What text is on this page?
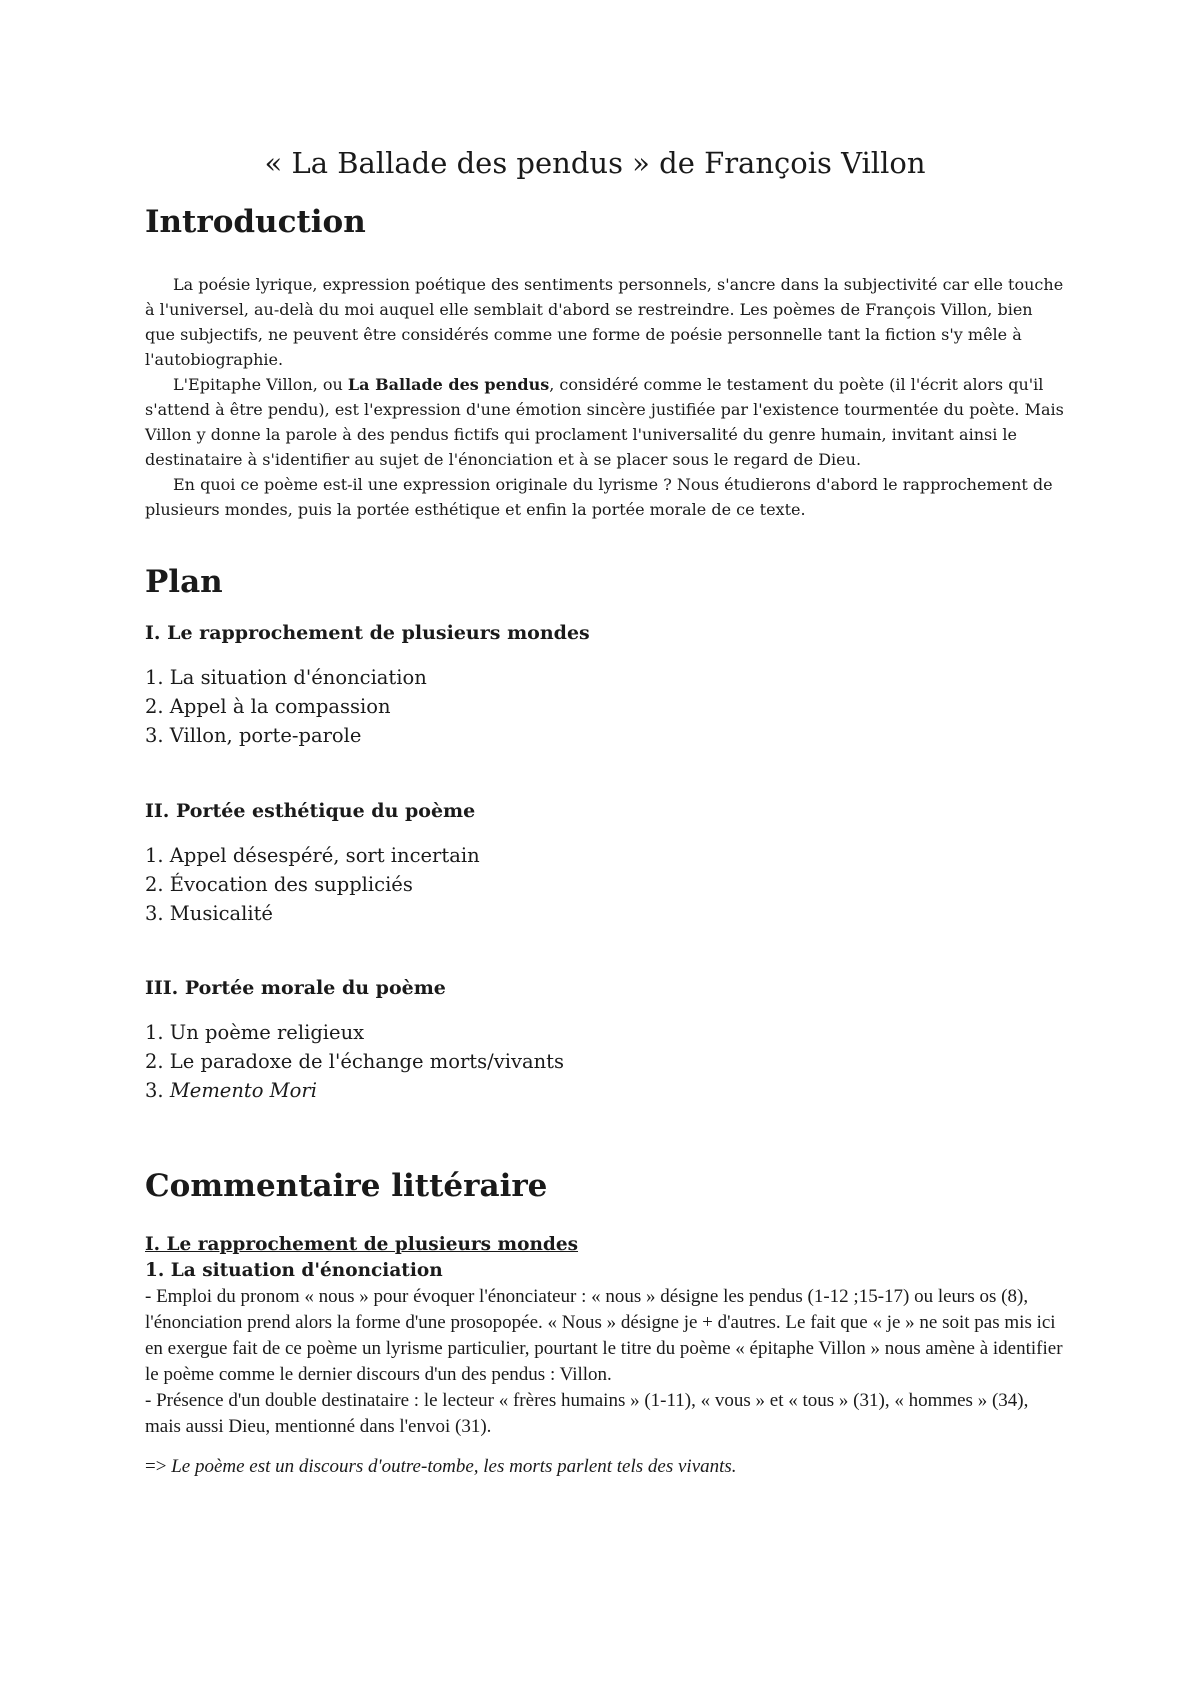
« La Ballade des pendus » de François Villon
Introduction

La poésie lyrique, expression poétique des sentiments personnels, s'ancre dans la subjectivité car elle touche à l'universel, au-delà du moi auquel elle semblait d'abord se restreindre. Les poèmes de François Villon, bien que subjectifs, ne peuvent être considérés comme une forme de poésie personnelle tant la fiction s'y mêle à l'autobiographie.

L'Epitaphe Villon, ou La Ballade des pendus, considéré comme le testament du poète (il l'écrit alors qu'il s'attend à être pendu), est l'expression d'une émotion sincère justifiée par l'existence tourmentée du poète. Mais Villon y donne la parole à des pendus fictifs qui proclament l'universalité du genre humain, invitant ainsi le destinataire à s'identifier au sujet de l'énonciation et à se placer sous le regard de Dieu.

En quoi ce poème est-il une expression originale du lyrisme ? Nous étudierons d'abord le rapprochement de plusieurs mondes, puis la portée esthétique et enfin la portée morale de ce texte.

Plan
I. Le rapprochement de plusieurs mondes
1. La situation d'énonciation
2. Appel à la compassion
3. Villon, porte-parole
II. Portée esthétique du poème
1. Appel désespéré, sort incertain
2. Évocation des suppliciés
3. Musicalité
III. Portée morale du poème
1. Un poème religieux
2. Le paradoxe de l'échange morts/vivants
3. Memento Mori
Commentaire littéraire
I. Le rapprochement de plusieurs mondes
1. La situation d'énonciation

- Emploi du pronom « nous » pour évoquer l'énonciateur : « nous » désigne les pendus (1-12 ;15-17) ou leurs os (8), l'énonciation prend alors la forme d'une prosopopée. « Nous » désigne je + d'autres. Le fait que « je » ne soit pas mis ici en exergue fait de ce poème un lyrisme particulier, pourtant le titre du poème « épitaphe Villon » nous amène à identifier le poème comme le dernier discours d'un des pendus : Villon.

- Présence d'un double destinataire : le lecteur « frères humains » (1-11), « vous » et « tous » (31), « hommes » (34), mais aussi Dieu, mentionné dans l'envoi (31).

=> Le poème est un discours d'outre-tombe, les morts parlent tels des vivants.
